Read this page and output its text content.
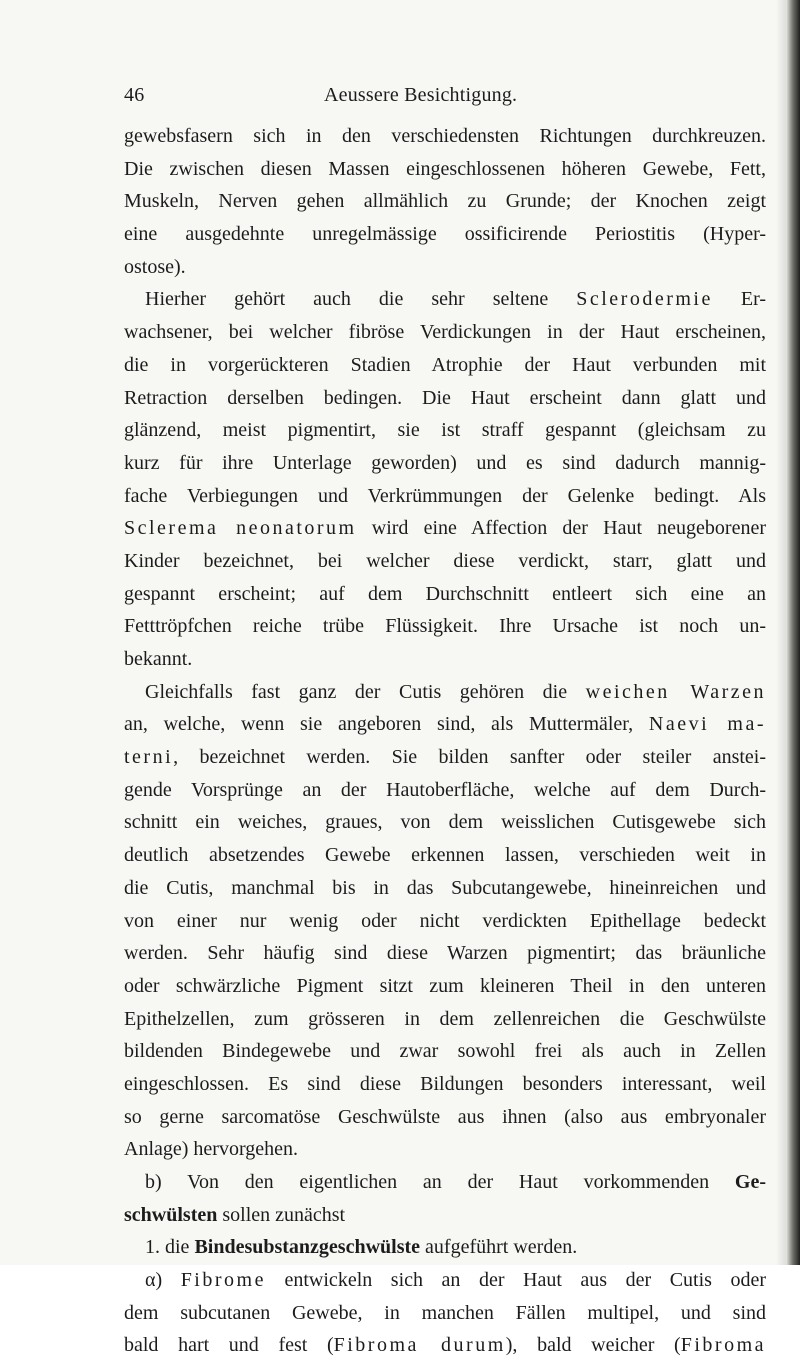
46	Aeussere Besichtigung.
gewebsfasern sich in den verschiedensten Richtungen durchkreuzen.
Die zwischen diesen Massen eingeschlossenen höheren Gewebe, Fett,
Muskeln, Nerven gehen allmählich zu Grunde; der Knochen zeigt
eine ausgedehnte unregelmässige ossificirende Periostitis (Hyper-
ostose).
Hierher gehört auch die sehr seltene Sclerodermie Er-
wachsener, bei welcher fibröse Verdickungen in der Haut erscheinen,
die in vorgerückteren Stadien Atrophie der Haut verbunden mit
Retraction derselben bedingen. Die Haut erscheint dann glatt und
glänzend, meist pigmentirt, sie ist straff gespannt (gleichsam zu
kurz für ihre Unterlage geworden) und es sind dadurch mannig-
fache Verbiegungen und Verkrümmungen der Gelenke bedingt. Als
Sclerema neonatorum wird eine Affection der Haut neugeborener
Kinder bezeichnet, bei welcher diese verdickt, starr, glatt und
gespannt erscheint; auf dem Durchschnitt entleert sich eine an
Fetttröpfchen reiche trübe Flüssigkeit. Ihre Ursache ist noch un-
bekannt.
Gleichfalls fast ganz der Cutis gehören die weichen Warzen
an, welche, wenn sie angeboren sind, als Muttermäler, Naevi ma-
terni, bezeichnet werden. Sie bilden sanfter oder steiler anstei-
gende Vorsprünge an der Hautoberfläche, welche auf dem Durch-
schnitt ein weiches, graues, von dem weisslichen Cutisgewebe sich
deutlich absetzendes Gewebe erkennen lassen, verschieden weit in
die Cutis, manchmal bis in das Subcutangewebe, hineinreichen und
von einer nur wenig oder nicht verdickten Epithellage bedeckt
werden. Sehr häufig sind diese Warzen pigmentirt; das bräunliche
oder schwärzliche Pigment sitzt zum kleineren Theil in den unteren
Epithelzellen, zum grösseren in dem zellenreichen die Geschwülste
bildenden Bindegewebe und zwar sowohl frei als auch in Zellen
eingeschlossen. Es sind diese Bildungen besonders interessant, weil
so gerne sarcomatöse Geschwülste aus ihnen (also aus embryonaler
Anlage) hervorgehen.
b) Von den eigentlichen an der Haut vorkommenden Ge-
schwülsten sollen zunächst
1. die Bindesubstanzgeschwülste aufgeführt werden.
α) Fibrome entwickeln sich an der Haut aus der Cutis oder
dem subcutanen Gewebe, in manchen Fällen multipel, und sind
bald hart und fest (Fibroma durum), bald weicher (Fibroma
